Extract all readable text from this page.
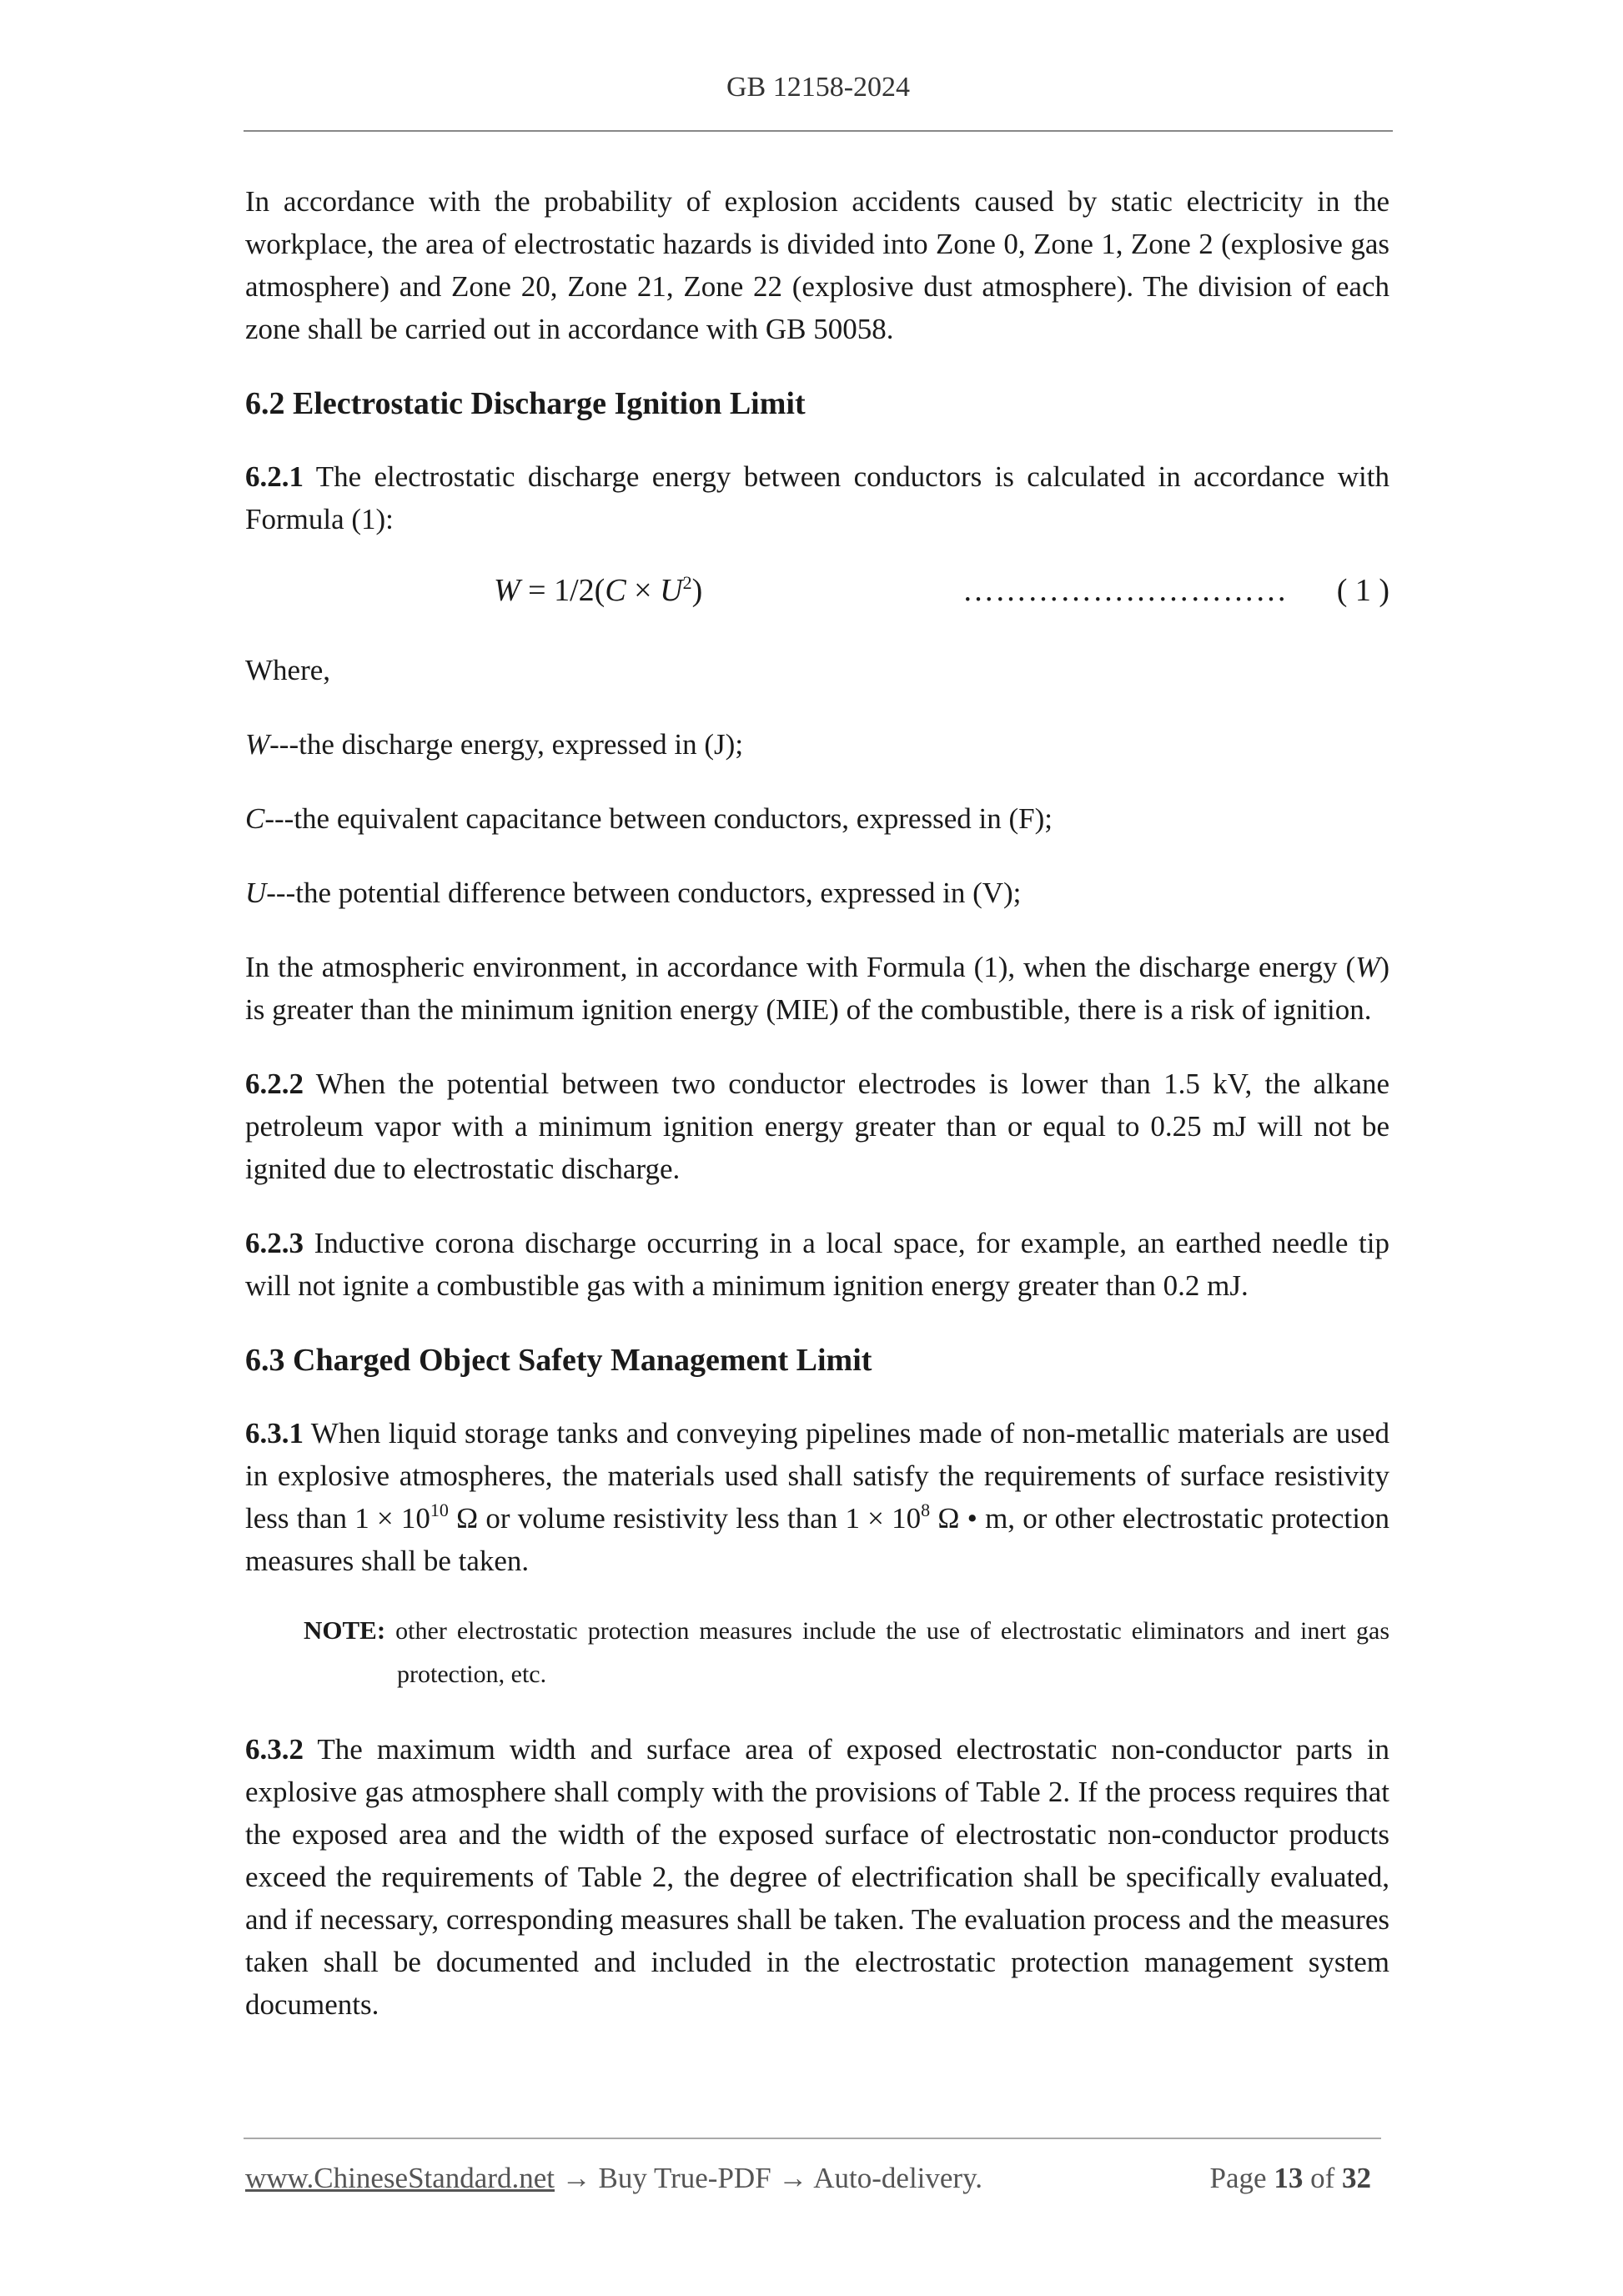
GB 12158-2024

In accordance with the probability of explosion accidents caused by static electricity in the workplace, the area of electrostatic hazards is divided into Zone 0, Zone 1, Zone 2 (explosive gas atmosphere) and Zone 20, Zone 21, Zone 22 (explosive dust atmosphere). The division of each zone shall be carried out in accordance with GB 50058.

6.2 Electrostatic Discharge Ignition Limit

6.2.1 The electrostatic discharge energy between conductors is calculated in accordance with Formula (1):

$W = 1/2(C \times U^2)$	………………………… ( 1 )

Where,

W---the discharge energy, expressed in (J);
C---the equivalent capacitance between conductors, expressed in (F);
U---the potential difference between conductors, expressed in (V);

In the atmospheric environment, in accordance with Formula (1), when the discharge energy (W) is greater than the minimum ignition energy (MIE) of the combustible, there is a risk of ignition.

6.2.2 When the potential between two conductor electrodes is lower than 1.5 kV, the alkane petroleum vapor with a minimum ignition energy greater than or equal to 0.25 mJ will not be ignited due to electrostatic discharge.

6.2.3 Inductive corona discharge occurring in a local space, for example, an earthed needle tip will not ignite a combustible gas with a minimum ignition energy greater than 0.2 mJ.

6.3 Charged Object Safety Management Limit

6.3.1 When liquid storage tanks and conveying pipelines made of non-metallic materials are used in explosive atmospheres, the materials used shall satisfy the requirements of surface resistivity less than $1 \times 10^{10}$ Ω or volume resistivity less than $1 \times 10^8$ Ω • m, or other electrostatic protection measures shall be taken.

NOTE: other electrostatic protection measures include the use of electrostatic eliminators and inert gas protection, etc.

6.3.2 The maximum width and surface area of exposed electrostatic non-conductor parts in explosive gas atmosphere shall comply with the provisions of Table 2. If the process requires that the exposed area and the width of the exposed surface of electrostatic non-conductor products exceed the requirements of Table 2, the degree of electrification shall be specifically evaluated, and if necessary, corresponding measures shall be taken. The evaluation process and the measures taken shall be documented and included in the electrostatic protection management system documents.

www.ChineseStandard.net → Buy True-PDF → Auto-delivery.	Page 13 of 32
